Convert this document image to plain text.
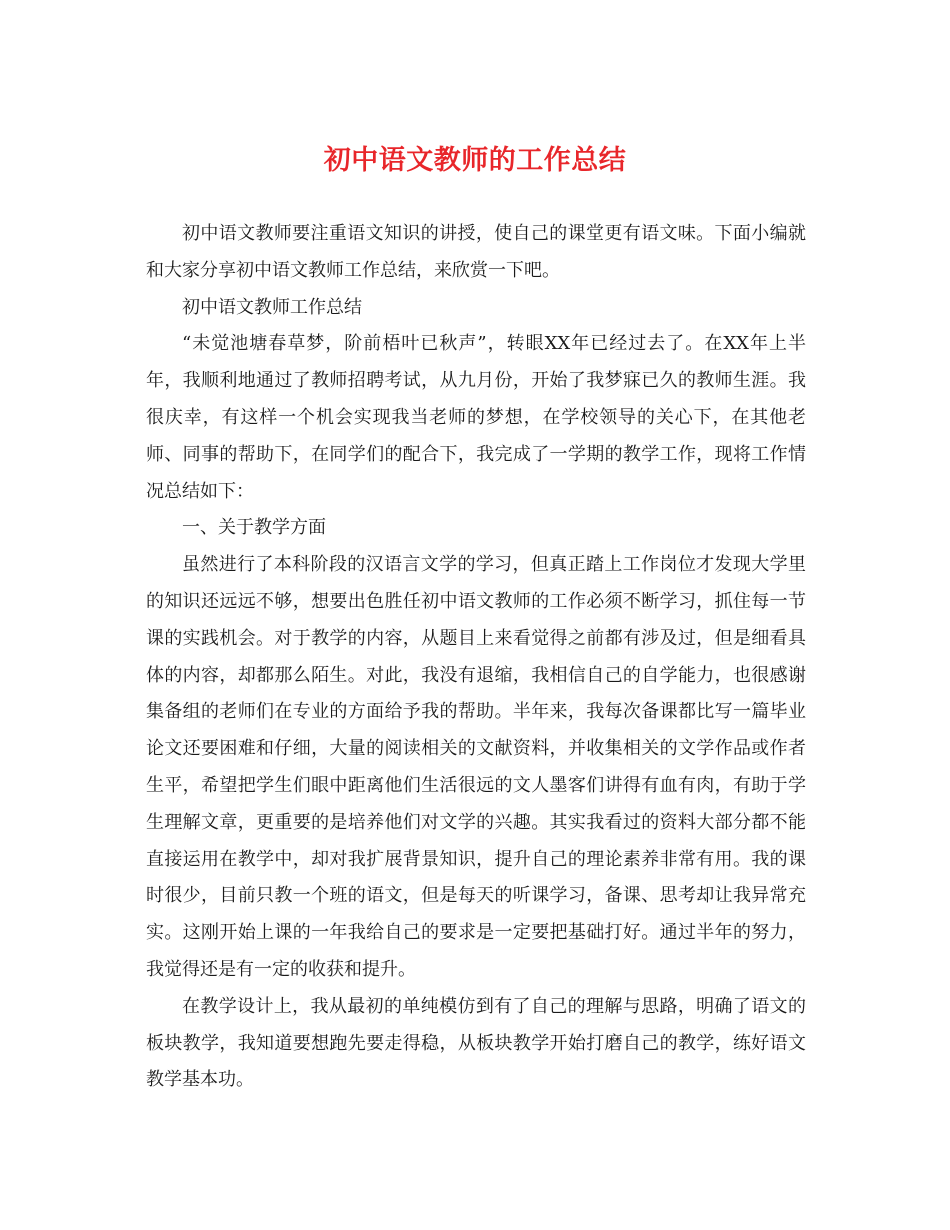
初中语文教师的工作总结

初中语文教师要注重语文知识的讲授，使自己的课堂更有语文味。下面小编就和大家分享初中语文教师工作总结，来欣赏一下吧。

初中语文教师工作总结

“未觉池塘春草梦，阶前梧叶已秋声”，转眼XX年已经过去了。在XX年上半年，我顺利地通过了教师招聘考试，从九月份，开始了我梦寐已久的教师生涯。我很庆幸，有这样一个机会实现我当老师的梦想，在学校领导的关心下，在其他老师、同事的帮助下，在同学们的配合下，我完成了一学期的教学工作，现将工作情况总结如下：

一、关于教学方面

虽然进行了本科阶段的汉语言文学的学习，但真正踏上工作岗位才发现大学里的知识还远远不够，想要出色胜任初中语文教师的工作必须不断学习，抓住每一节课的实践机会。对于教学的内容，从题目上来看觉得之前都有涉及过，但是细看具体的内容，却都那么陌生。对此，我没有退缩，我相信自己的自学能力，也很感谢集备组的老师们在专业的方面给予我的帮助。半年来，我每次备课都比写一篇毕业论文还要困难和仔细，大量的阅读相关的文献资料，并收集相关的文学作品或作者生平，希望把学生们眼中距离他们生活很远的文人墨客们讲得有血有肉，有助于学生理解文章，更重要的是培养他们对文学的兴趣。其实我看过的资料大部分都不能直接运用在教学中，却对我扩展背景知识，提升自己的理论素养非常有用。我的课时很少，目前只教一个班的语文，但是每天的听课学习，备课、思考却让我异常充实。这刚开始上课的一年我给自己的要求是一定要把基础打好。通过半年的努力，我觉得还是有一定的收获和提升。

在教学设计上，我从最初的单纯模仿到有了自己的理解与思路，明确了语文的板块教学，我知道要想跑先要走得稳，从板块教学开始打磨自己的教学，练好语文教学基本功。
